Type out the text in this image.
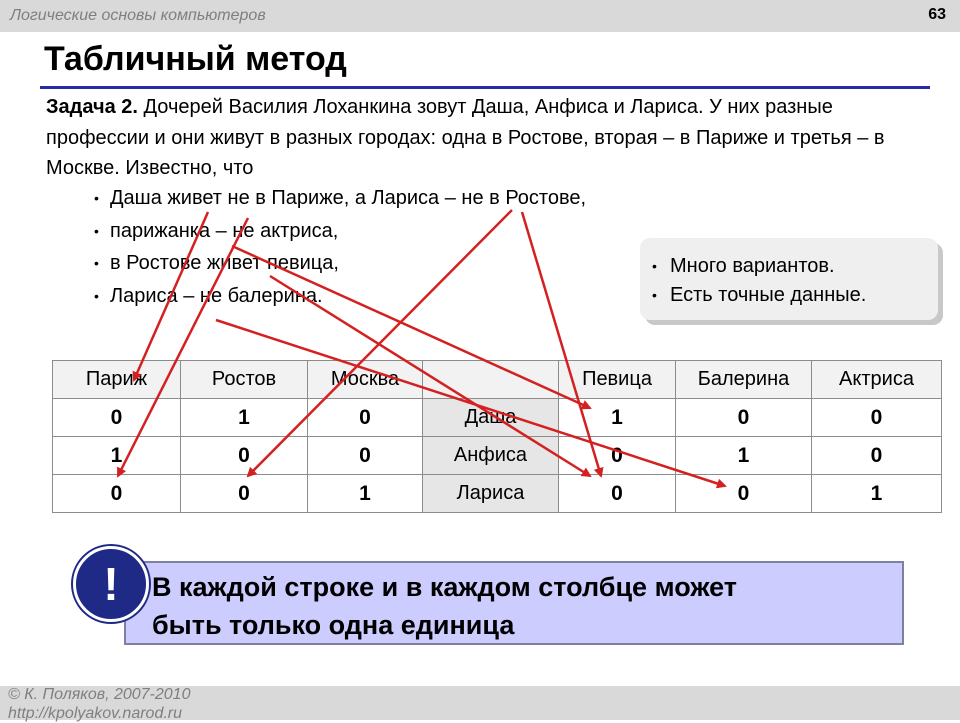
Логические основы компьютеров	63
Табличный метод
Задача 2. Дочерей Василия Лоханкина зовут Даша, Анфиса и Лариса. У них разные профессии и они живут в разных городах: одна в Ростове, вторая – в Париже и третья – в Москве. Известно, что
• Даша живет не в Париже, а Лариса – не в Ростове,
• парижанка – не актриса,
• в Ростове живет певица,
• Лариса – не балерина.
• Много вариантов.
• Есть точные данные.
Париж	Ростов	Москва		Певица	Балерина	Актриса
0	1	0	Даша	1	0	0
1	0	0	Анфиса	0	1	0
0	0	1	Лариса	0	0	1
!	В каждой строке и в каждом столбце может
быть только одна единица
© К. Поляков, 2007-2010
http://kpolyakov.narod.ru
